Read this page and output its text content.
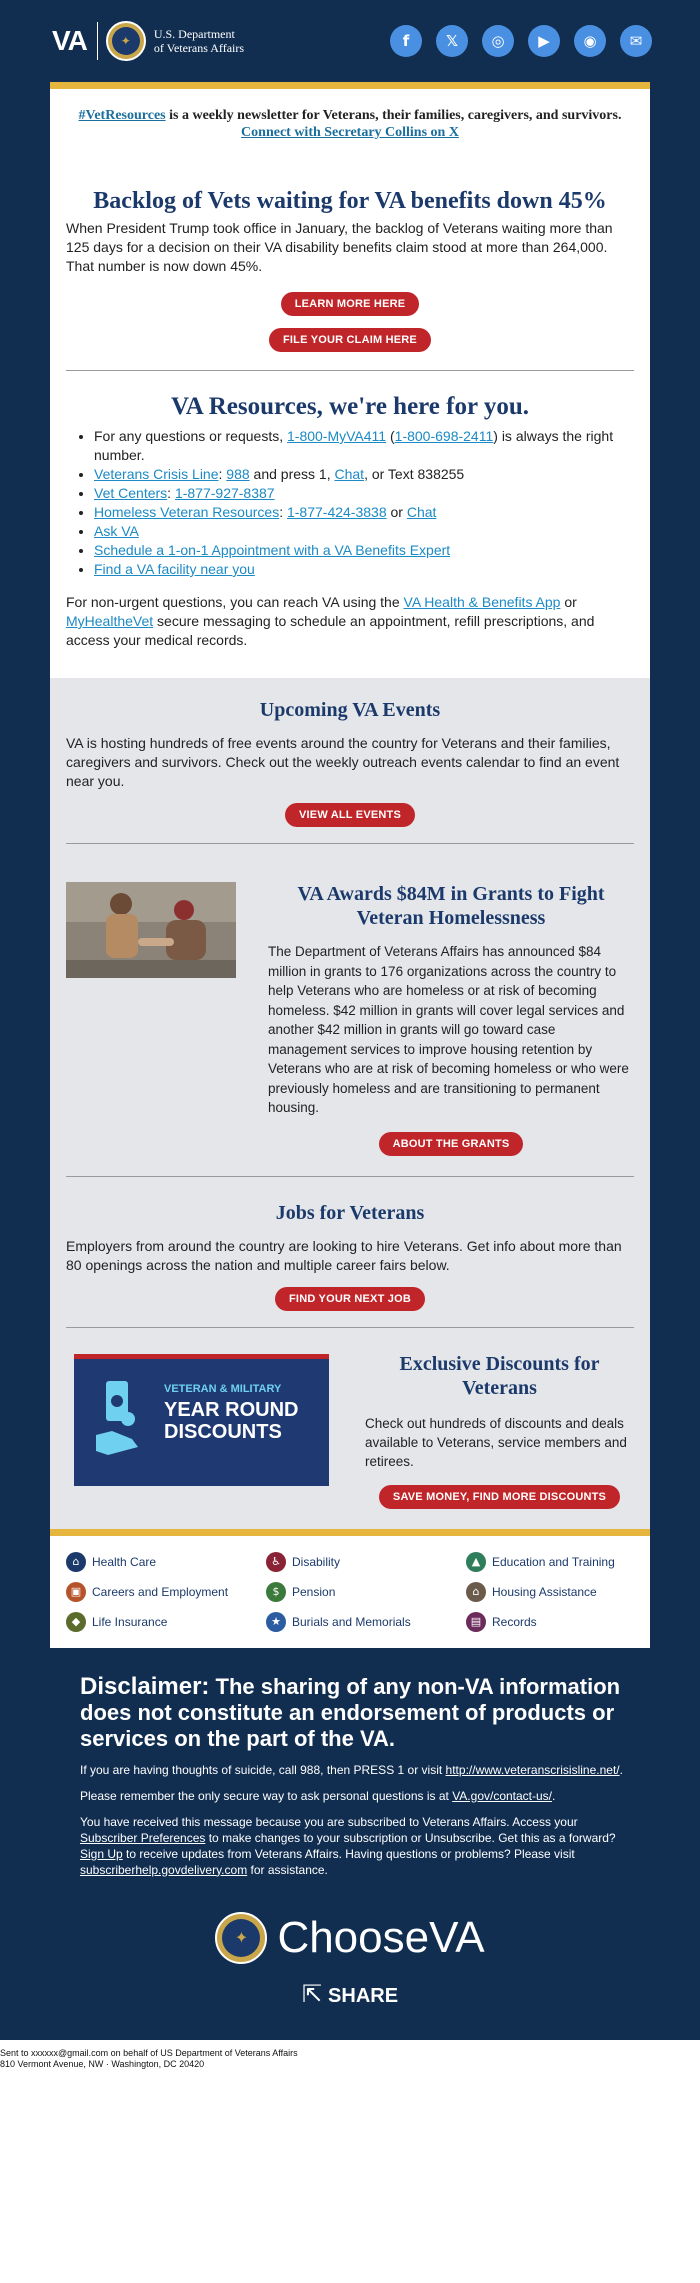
VA	✦	U.S. Department
of Veterans Affairs	f	𝕏	◎	▶	◉	✉
#VetResources is a weekly newsletter for Veterans, their families, caregivers, and survivors.
Connect with Secretary Collins on X
Backlog of Vets waiting for VA benefits down 45%
When President Trump took office in January, the backlog of Veterans waiting more than 125 days for a decision on their VA disability benefits claim stood at more than 264,000. That number is now down 45%.
LEARN MORE HERE
FILE YOUR CLAIM HERE
VA Resources, we're here for you.
• For any questions or requests, 1-800-MyVA411 (1-800-698-2411) is always the right number.
• Veterans Crisis Line: 988 and press 1, Chat, or Text 838255
• Vet Centers: 1-877-927-8387
• Homeless Veteran Resources: 1-877-424-3838 or Chat
• Ask VA
• Schedule a 1-on-1 Appointment with a VA Benefits Expert
• Find a VA facility near you
For non-urgent questions, you can reach VA using the VA Health & Benefits App or MyHealtheVet secure messaging to schedule an appointment, refill prescriptions, and access your medical records.
Upcoming VA Events
VA is hosting hundreds of free events around the country for Veterans and their families, caregivers and survivors. Check out the weekly outreach events calendar to find an event near you.
VIEW ALL EVENTS
VA Awards $84M in Grants to Fight Veteran Homelessness
The Department of Veterans Affairs has announced $84 million in grants to 176 organizations across the country to help Veterans who are homeless or at risk of becoming homeless. $42 million in grants will cover legal services and another $42 million in grants will go toward case management services to improve housing retention by Veterans who are at risk of becoming homeless or who were previously homeless and are transitioning to permanent housing.
ABOUT THE GRANTS
Jobs for Veterans
Employers from around the country are looking to hire Veterans. Get info about more than 80 openings across the nation and multiple career fairs below.
FIND YOUR NEXT JOB
VETERAN & MILITARY
YEAR ROUND
DISCOUNTS
Exclusive Discounts for Veterans
Check out hundreds of discounts and deals available to Veterans, service members and retirees.
SAVE MONEY, FIND MORE DISCOUNTS
⌂	Health Care	♿ Disability	▲ Education and Training
▣ Careers and Employment	$	Pension	⌂	Housing Assistance
◆ Life Insurance	★ Burials and Memorials	▤ Records
Disclaimer: The sharing of any non-VA information does not constitute an endorsement of products or services on the part of the VA.
If you are having thoughts of suicide, call 988, then PRESS 1 or visit http://www.veteranscrisisline.net/.
Please remember the only secure way to ask personal questions is at VA.gov/contact-us/.
You have received this message because you are subscribed to Veterans Affairs. Access your Subscriber Preferences to make changes to your subscription or Unsubscribe. Get this as a forward? Sign Up to receive updates from Veterans Affairs. Having questions or problems? Please visit subscriberhelp.govdelivery.com for assistance.
✦ ChooseVA
⇱ SHARE
Sent to xxxxxx@gmail.com on behalf of US Department of Veterans Affairs
810 Vermont Avenue, NW · Washington, DC 20420
